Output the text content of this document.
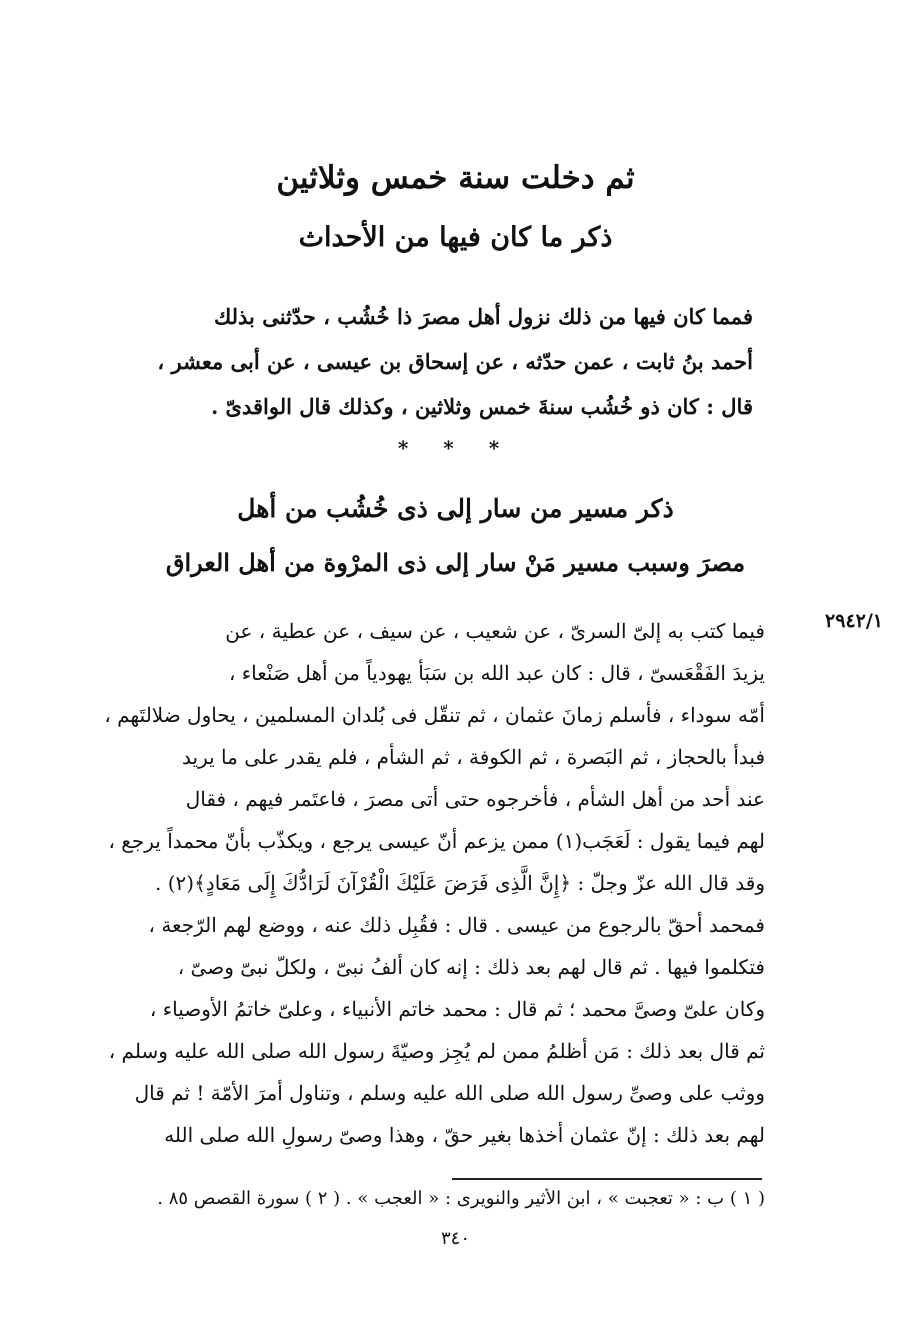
ثم دخلت سنة خمس وثلاثين
ذكر ما كان فيها من الأحداث
فمما كان فيها من ذلك نزول أهل مصرَ ذا خُشُب ، حدّثنى بذلك
أحمد بنُ ثابت ، عمن حدّثه ، عن إسحاق بن عيسى ، عن أبى معشر ،
قال : كان ذو خُشُب سنةَ خمس وثلاثين ، وكذلك قال الواقدىّ .
* * *
ذكر مسير من سار إلى ذى خُشُب من أهل
مصرَ وسبب مسير مَنْ سار إلى ذى المرْوة من أهل العراق
٢٩٤٢/١
فيما كتب به إلىّ السرىّ ، عن شعيب ، عن سيف ، عن عطية ، عن
يزيدَ الفَقْعَسىّ ، قال : كان عبد الله بن سَبَأ يهودياً من أهل صَنْعاء ،
أمّه سوداء ، فأسلم زمانَ عثمان ، ثم تنقّل فى بُلدان المسلمين ، يحاول ضلالتَهم ،
فبدأ بالحجاز ، ثم البَصرة ، ثم الكوفة ، ثم الشأم ، فلم يقدر على ما يريد
عند أحد من أهل الشأم ، فأخرجوه حتى أتى مصرَ ، فاعتَمر فيهم ، فقال
لهم فيما يقول : لَعَجَب(١) ممن يزعم أنّ عيسى يرجع ، ويكذّب بأنّ محمداً يرجع ،
وقد قال الله عزّ وجلّ : ﴿إِنَّ الَّذِى فَرَضَ عَلَيْكَ الْقُرْآنَ لَرَادُّكَ إِلَى مَعَادٍ﴾(٢) .
فمحمد أحقّ بالرجوع من عيسى . قال : فقُبِل ذلك عنه ، ووضع لهم الرّجعة ،
فتكلموا فيها . ثم قال لهم بعد ذلك : إنه كان ألفُ نبىّ ، ولكلّ نبىّ وصىّ ،
وكان علىّ وصىَّ محمد ؛ ثم قال : محمد خاتم الأنبياء ، وعلىّ خاتمُ الأوصياء ،
ثم قال بعد ذلك : مَن أظلمُ ممن لم يُجِز وصيّةَ رسول الله صلى الله عليه وسلم ،
ووثب على وصىِّ رسول الله صلى الله عليه وسلم ، وتناول أمرَ الأمّة ! ثم قال
لهم بعد ذلك : إنّ عثمان أخذها بغير حقّ ، وهذا وصىّ رسولِ الله صلى الله
( ١ ) ب : « تعجبت » ، ابن الأثير والنويرى : « العجب » . ( ٢ ) سورة القصص ٨٥ .
٣٤٠
